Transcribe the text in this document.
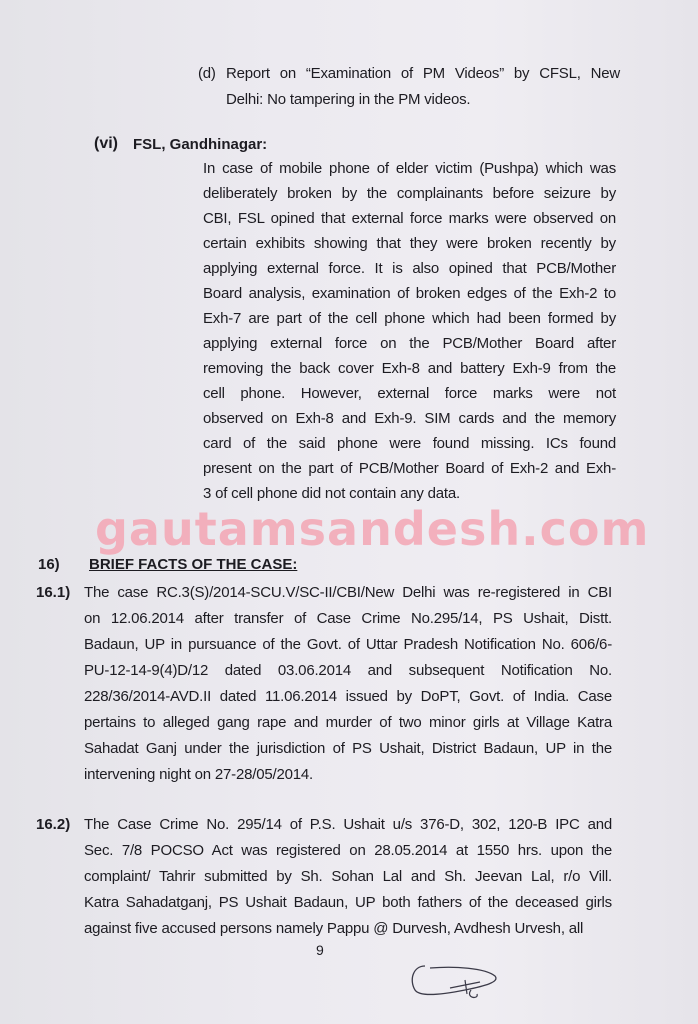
(d) Report on “Examination of PM Videos” by CFSL, New
Delhi: No tampering in the PM videos.
(vi) FSL, Gandhinagar:
In case of mobile phone of elder victim (Pushpa) which was
deliberately broken by the complainants before seizure by
CBI, FSL opined that external force marks were observed on
certain exhibits showing that they were broken recently by
applying external force. It is also opined that PCB/Mother
Board analysis, examination of broken edges of the Exh-2 to
Exh-7 are part of the cell phone which had been formed by
applying external force on the PCB/Mother Board after
removing the back cover Exh-8 and battery Exh-9 from the
cell phone. However, external force marks were not
observed on Exh-8 and Exh-9. SIM cards and the memory
card of the said phone were found missing. ICs found
present on the part of PCB/Mother Board of Exh-2 and Exh-
3 of cell phone did not contain any data.
gautamsandesh.com
16) BRIEF FACTS OF THE CASE:
16.1) The case RC.3(S)/2014-SCU.V/SC-II/CBI/New Delhi was re-registered in CBI
on 12.06.2014 after transfer of Case Crime No.295/14, PS Ushait, Distt.
Badaun, UP in pursuance of the Govt. of Uttar Pradesh Notification No. 606/6-
PU-12-14-9(4)D/12 dated 03.06.2014 and subsequent Notification No.
228/36/2014-AVD.II dated 11.06.2014 issued by DoPT, Govt. of India. Case
pertains to alleged gang rape and murder of two minor girls at Village Katra
Sahadat Ganj under the jurisdiction of PS Ushait, District Badaun, UP in the
intervening night on 27-28/05/2014.
16.2) The Case Crime No. 295/14 of P.S. Ushait u/s 376-D, 302, 120-B IPC and
Sec. 7/8 POCSO Act was registered on 28.05.2014 at 1550 hrs. upon the
complaint/ Tahrir submitted by Sh. Sohan Lal and Sh. Jeevan Lal, r/o Vill.
Katra Sahadatganj, PS Ushait Badaun, UP both fathers of the deceased girls
against five accused persons namely Pappu @ Durvesh, Avdhesh Urvesh, all
9
